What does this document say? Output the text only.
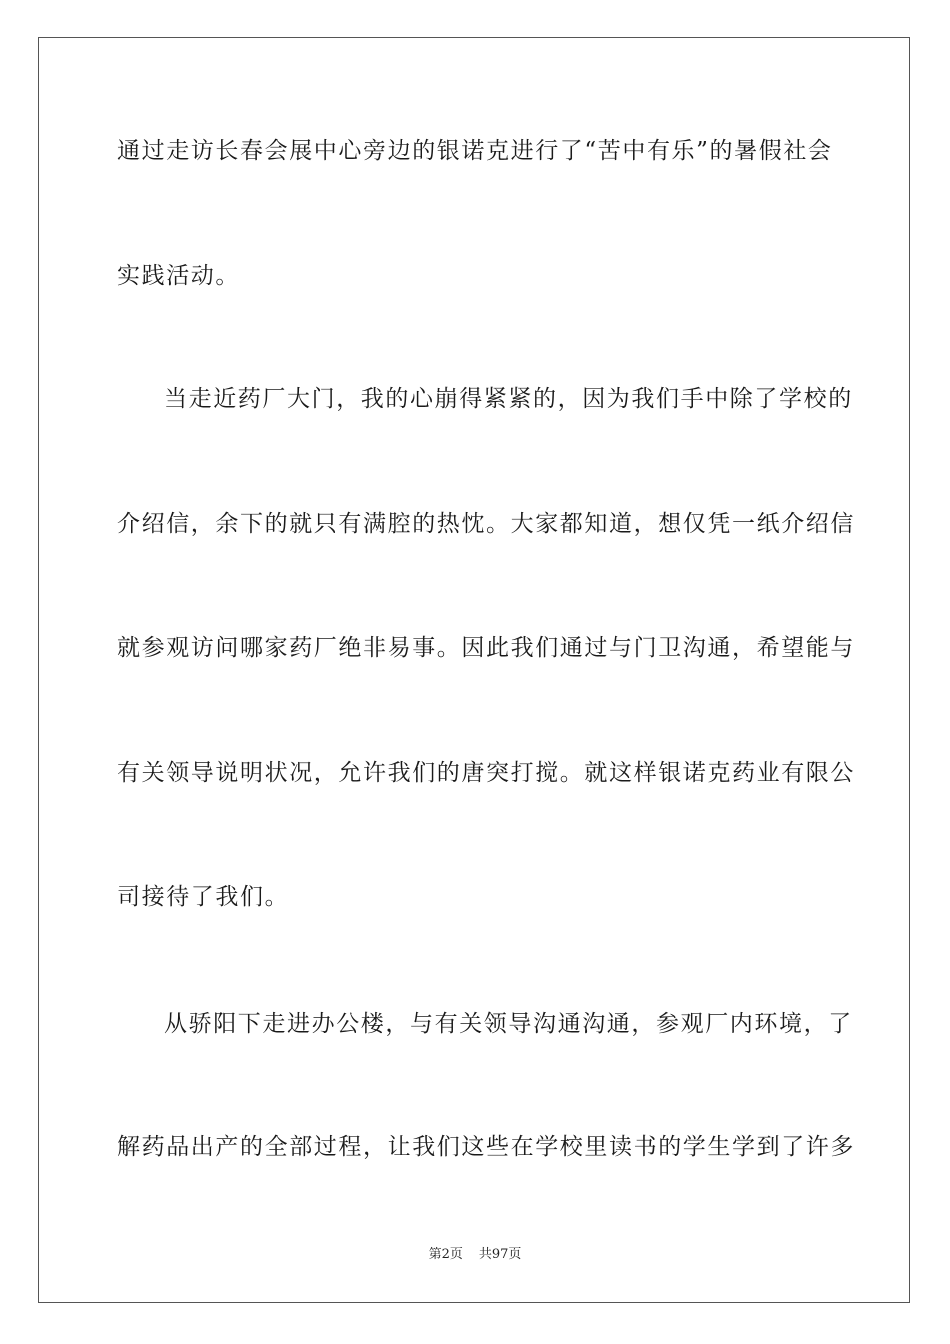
通过走访长春会展中心旁边的银诺克进行了“苦中有乐”的暑假社会
实践活动。
当走近药厂大门，我的心崩得紧紧的，因为我们手中除了学校的
介绍信，余下的就只有满腔的热忱。大家都知道，想仅凭一纸介绍信
就参观访问哪家药厂绝非易事。因此我们通过与门卫沟通，希望能与
有关领导说明状况，允许我们的唐突打搅。就这样银诺克药业有限公
司接待了我们。
从骄阳下走进办公楼，与有关领导沟通沟通，参观厂内环境，了
解药品出产的全部过程，让我们这些在学校里读书的学生学到了许多
第2页 共97页
